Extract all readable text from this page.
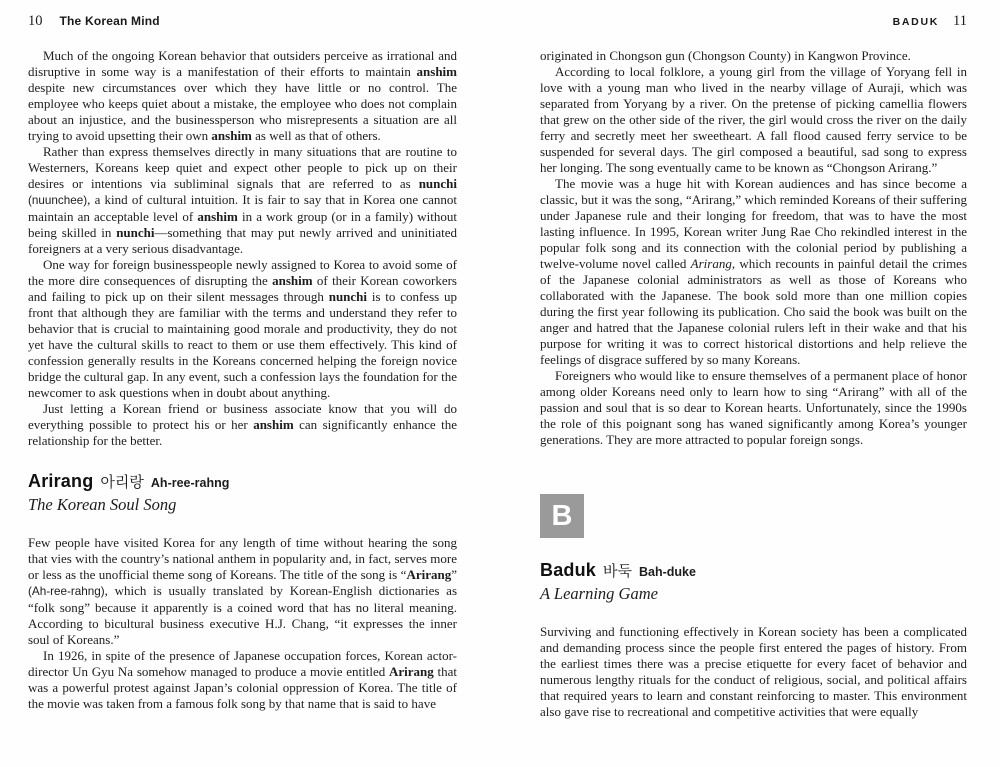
10 The Korean Mind

Much of the ongoing Korean behavior that outsiders perceive as irrational and disruptive in some way is a manifestation of their efforts to maintain anshim despite new circumstances over which they have little or no control. The employee who keeps quiet about a mistake, the employee who does not complain about an injustice, and the businessperson who misrepresents a situation are all trying to avoid upsetting their own anshim as well as that of others.

Rather than express themselves directly in many situations that are routine to Westerners, Koreans keep quiet and expect other people to pick up on their desires or intentions via subliminal signals that are referred to as nunchi (nuunchee), a kind of cultural intuition. It is fair to say that in Korea one cannot maintain an acceptable level of anshim in a work group (or in a family) without being skilled in nunchi—something that may put newly arrived and uninitiated foreigners at a very serious disadvantage.

One way for foreign businesspeople newly assigned to Korea to avoid some of the more dire consequences of disrupting the anshim of their Korean coworkers and failing to pick up on their silent messages through nunchi is to confess up front that although they are familiar with the terms and understand they refer to behavior that is crucial to maintaining good morale and productivity, they do not yet have the cultural skills to react to them or use them effectively. This kind of confession generally results in the Koreans concerned helping the foreign novice bridge the cultural gap. In any event, such a confession lays the foundation for the newcomer to ask questions when in doubt about anything.

Just letting a Korean friend or business associate know that you will do everything possible to protect his or her anshim can significantly enhance the relationship for the better.

Arirang 아리랑 Ah-ree-rahng
The Korean Soul Song

Few people have visited Korea for any length of time without hearing the song that vies with the country’s national anthem in popularity and, in fact, serves more or less as the unofficial theme song of Koreans. The title of the song is “Arirang” (Ah-ree-rahng), which is usually translated by Korean-English dictionaries as “folk song” because it apparently is a coined word that has no literal meaning. According to bicultural business executive H.J. Chang, “it expresses the inner soul of Koreans.”

In 1926, in spite of the presence of Japanese occupation forces, Korean actor-director Un Gyu Na somehow managed to produce a movie entitled Arirang that was a powerful protest against Japan’s colonial oppression of Korea. The title of the movie was taken from a famous folk song by that name that is said to have

BADUK 11

originated in Chongson gun (Chongson County) in Kangwon Province.

According to local folklore, a young girl from the village of Yoryang fell in love with a young man who lived in the nearby village of Auraji, which was separated from Yoryang by a river. On the pretense of picking camellia flowers that grew on the other side of the river, the girl would cross the river on the daily ferry and secretly meet her sweetheart. A fall flood caused ferry service to be suspended for several days. The girl composed a beautiful, sad song to express her longing. The song eventually came to be known as “Chongson Arirang.”

The movie was a huge hit with Korean audiences and has since become a classic, but it was the song, “Arirang,” which reminded Koreans of their suffering under Japanese rule and their longing for freedom, that was to have the most lasting influence. In 1995, Korean writer Jung Rae Cho rekindled interest in the popular folk song and its connection with the colonial period by publishing a twelve-volume novel called Arirang, which recounts in painful detail the crimes of the Japanese colonial administrators as well as those of Koreans who collaborated with the Japanese. The book sold more than one million copies during the first year following its publication. Cho said the book was built on the anger and hatred that the Japanese colonial rulers left in their wake and that his purpose for writing it was to correct historical distortions and help relieve the feelings of disgrace suffered by so many Koreans.

Foreigners who would like to ensure themselves of a permanent place of honor among older Koreans need only to learn how to sing “Arirang” with all of the passion and soul that is so dear to Korean hearts. Unfortunately, since the 1990s the role of this poignant song has waned significantly among Korea’s younger generations. They are more attracted to popular foreign songs.

B
Baduk 바둑 Bah-duke
A Learning Game

Surviving and functioning effectively in Korean society has been a complicated and demanding process since the people first entered the pages of history. From the earliest times there was a precise etiquette for every facet of behavior and numerous lengthy rituals for the conduct of religious, social, and political affairs that required years to learn and constant reinforcing to master. This environment also gave rise to recreational and competitive activities that were equally
